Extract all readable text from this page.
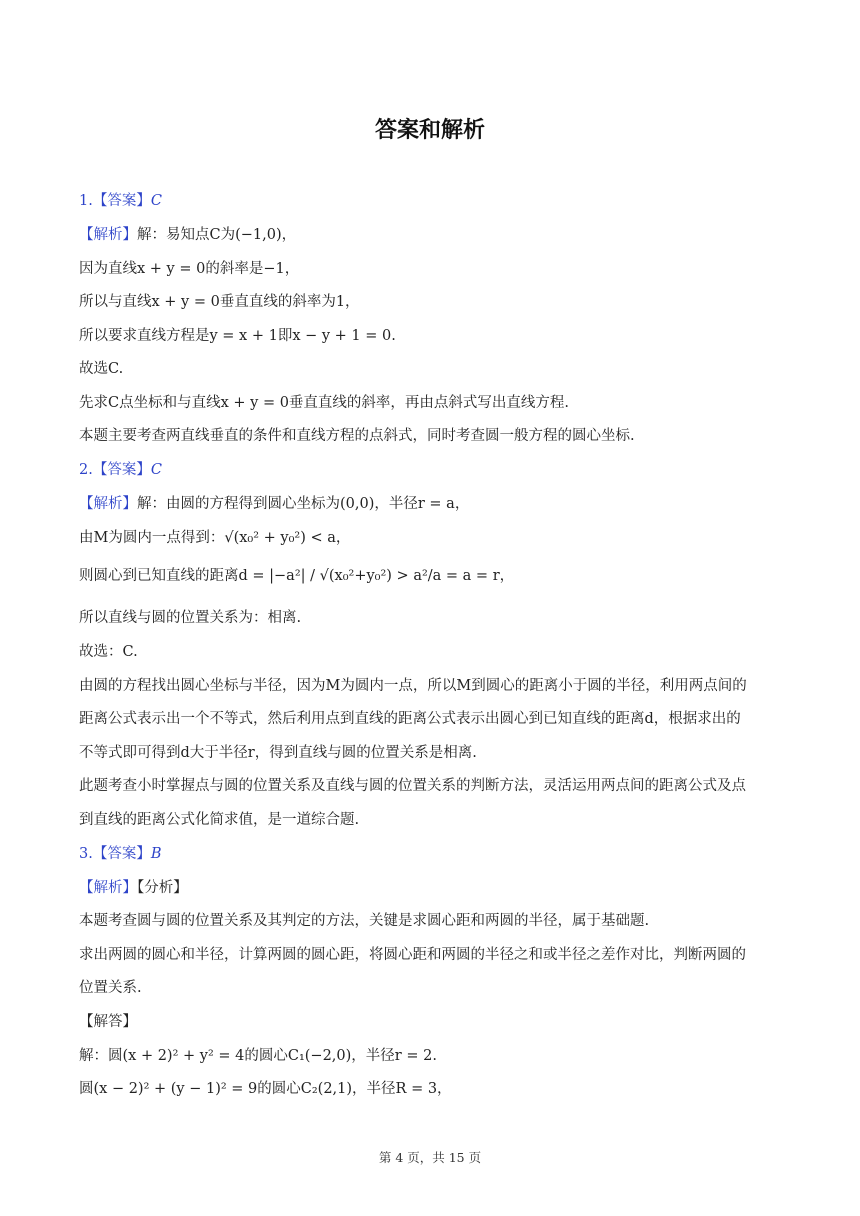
答案和解析
1.【答案】C
【解析】解：易知点C为(−1,0)，
因为直线x + y = 0的斜率是−1，
所以与直线x + y = 0垂直直线的斜率为1，
所以要求直线方程是y = x + 1即x − y + 1 = 0.
故选C.
先求C点坐标和与直线x + y = 0垂直直线的斜率，再由点斜式写出直线方程.
本题主要考查两直线垂直的条件和直线方程的点斜式，同时考查圆一般方程的圆心坐标.
2.【答案】C
【解析】解：由圆的方程得到圆心坐标为(0,0)，半径r = a，
由M为圆内一点得到：√(x₀² + y₀²) < a，
则圆心到已知直线的距离d = |−a²| / √(x₀²+y₀²) > a²/a = a = r，
所以直线与圆的位置关系为：相离.
故选：C.
由圆的方程找出圆心坐标与半径，因为M为圆内一点，所以M到圆心的距离小于圆的半径，利用两点间的
距离公式表示出一个不等式，然后利用点到直线的距离公式表示出圆心到已知直线的距离d，根据求出的
不等式即可得到d大于半径r，得到直线与圆的位置关系是相离.
此题考查小时掌握点与圆的位置关系及直线与圆的位置关系的判断方法，灵活运用两点间的距离公式及点
到直线的距离公式化简求值，是一道综合题.
3.【答案】B
【解析】【分析】
本题考查圆与圆的位置关系及其判定的方法，关键是求圆心距和两圆的半径，属于基础题.
求出两圆的圆心和半径，计算两圆的圆心距，将圆心距和两圆的半径之和或半径之差作对比，判断两圆的
位置关系.
【解答】
解：圆(x + 2)² + y² = 4的圆心C₁(−2,0)，半径r = 2.
圆(x − 2)² + (y − 1)² = 9的圆心C₂(2,1)，半径R = 3，
第 4 页，共 15 页
